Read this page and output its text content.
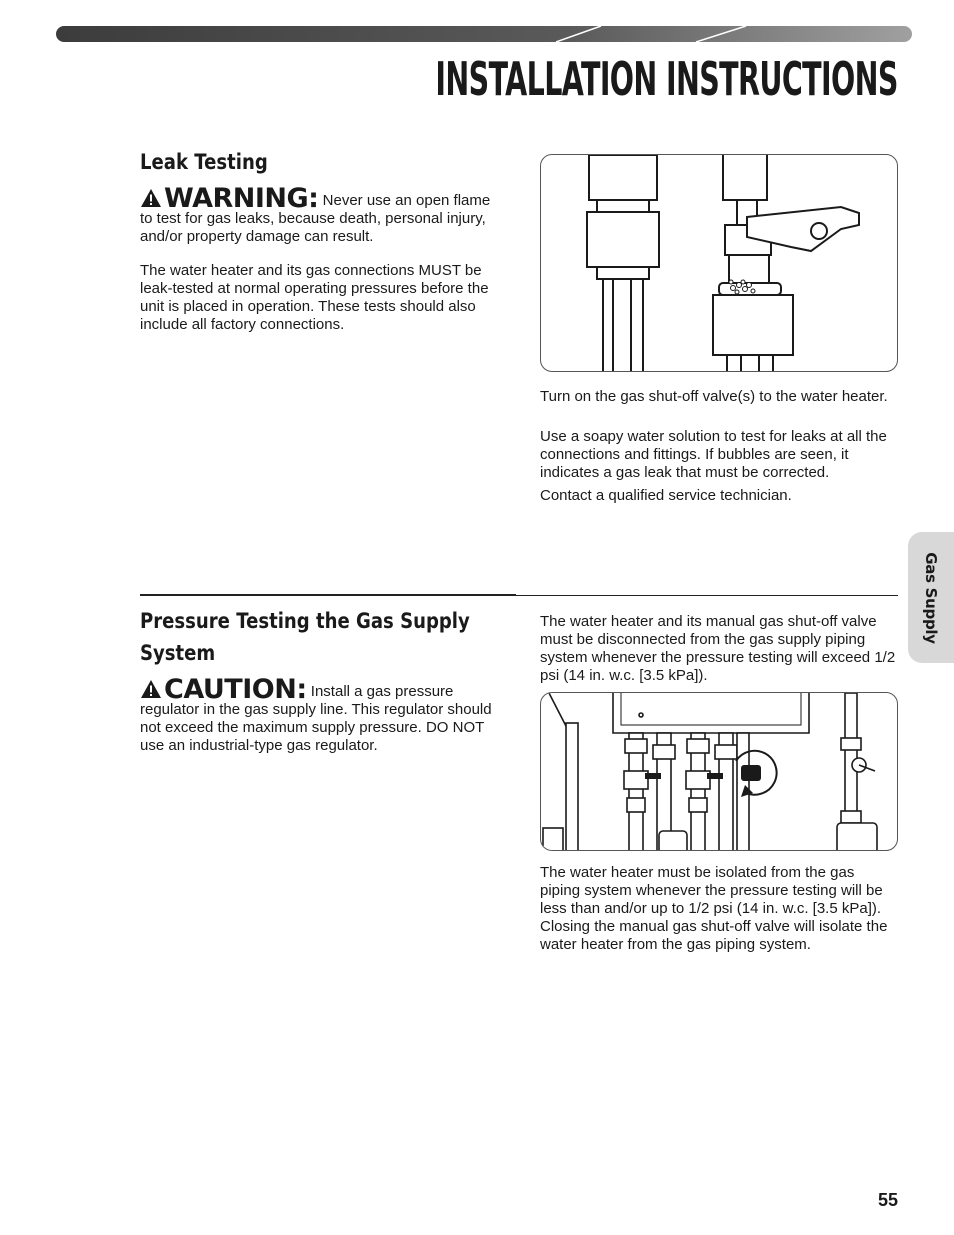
INSTALLATION INSTRUCTIONS
Leak Testing

WARNING: Never use an open flame to test for gas leaks, because death, personal injury, and/or property damage can result.

The water heater and its gas connections MUST be leak-tested at normal operating pressures before the unit is placed in operation. These tests should also include all factory connections.

Turn on the gas shut-off valve(s) to the water heater.

Use a soapy water solution to test for leaks at all the connections and fittings. If bubbles are seen, it indicates a gas leak that must be corrected.

Contact a qualified service technician.

Pressure Testing the Gas Supply
System

CAUTION: Install a gas pressure regulator in the gas supply line. This regulator should not exceed the maximum supply pressure. DO NOT use an industrial-type gas regulator.

The water heater and its manual gas shut-off valve must be disconnected from the gas supply piping system whenever the pressure testing will exceed 1/2 psi (14 in. w.c. [3.5 kPa]).

The water heater must be isolated from the gas piping system whenever the pressure testing will be less than and/or up to 1/2 psi (14 in. w.c. [3.5 kPa]). Closing the manual gas shut-off valve will isolate the water heater from the gas piping system.

Gas Supply

55
